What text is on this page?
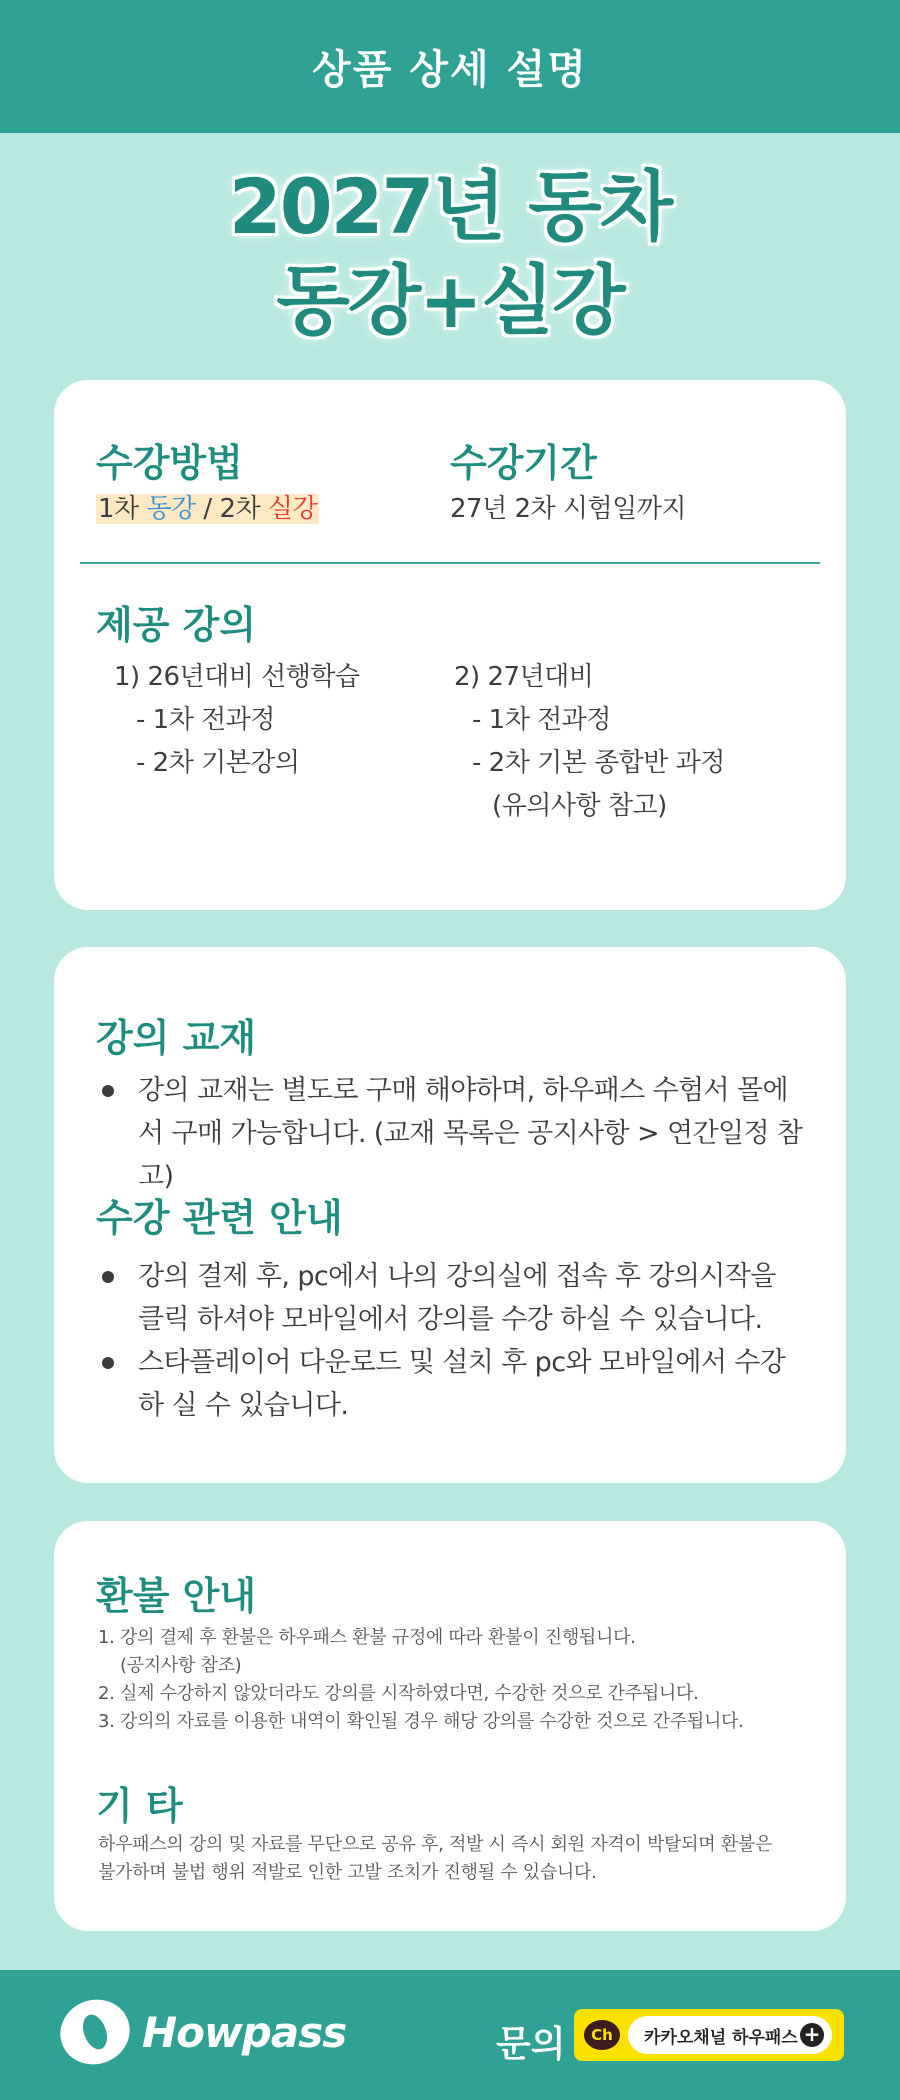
상품 상세 설명
2027년 동차
동강+실강
수강방법
1차 동강 / 2차 실강
수강기간
27년 2차 시험일까지
제공 강의
1) 26년대비 선행학습
- 1차 전과정
- 2차 기본강의
2) 27년대비
- 1차 전과정
- 2차 기본 종합반 과정
(유의사항 참고)
강의 교재
강의 교재는 별도로 구매 해야하며, 하우패스 수험서 몰에서 구매 가능합니다. (교재 목록은 공지사항 > 연간일정 참고)
수강 관련 안내
강의 결제 후, pc에서 나의 강의실에 접속 후 강의시작을 클릭 하셔야 모바일에서 강의를 수강 하실 수 있습니다.
스타플레이어 다운로드 및 설치 후 pc와 모바일에서 수강하 실 수 있습니다.
환불 안내
1. 강의 결제 후 환불은 하우패스 환불 규정에 따라 환불이 진행됩니다.
(공지사항 참조)
2. 실제 수강하지 않았더라도 강의를 시작하였다면, 수강한 것으로 간주됩니다.
3. 강의의 자료를 이용한 내역이 확인될 경우 해당 강의를 수강한 것으로 간주됩니다.
기 타
하우패스의 강의 및 자료를 무단으로 공유 후, 적발 시 즉시 회원 자격이 박탈되며 환불은
불가하며 불법 행위 적발로 인한 고발 조치가 진행될 수 있습니다.
Howpass	문의	Ch	카카오채널 하우패스 +
